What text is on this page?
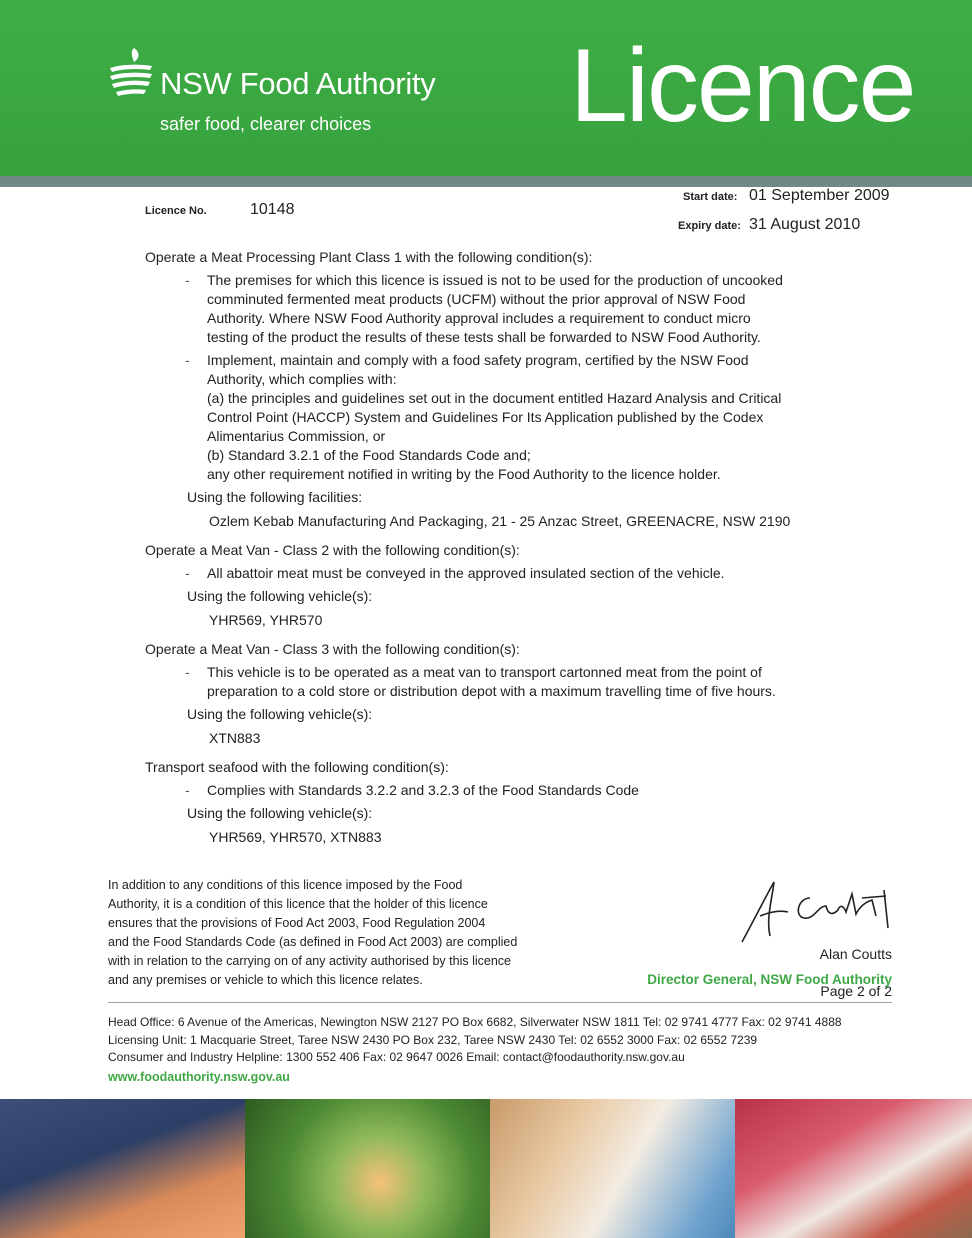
NSW Food Authority
safer food, clearer choices Licence
Licence No.	10148
Start date: 01 September 2009
Expiry date: 31 August 2010
Operate a Meat Processing Plant Class 1 with the following condition(s):
- The premises for which this licence is issued is not to be used for the production of uncooked
comminuted fermented meat products (UCFM) without the prior approval of NSW Food
Authority. Where NSW Food Authority approval includes a requirement to conduct micro
testing of the product the results of these tests shall be forwarded to NSW Food Authority.
- Implement, maintain and comply with a food safety program, certified by the NSW Food
Authority, which complies with:
(a) the principles and guidelines set out in the document entitled Hazard Analysis and Critical
Control Point (HACCP) System and Guidelines For Its Application published by the Codex
Alimentarius Commission, or
(b) Standard 3.2.1 of the Food Standards Code and;
any other requirement notified in writing by the Food Authority to the licence holder.
Using the following facilities:
Ozlem Kebab Manufacturing And Packaging, 21 - 25 Anzac Street, GREENACRE, NSW 2190
Operate a Meat Van - Class 2 with the following condition(s):
- All abattoir meat must be conveyed in the approved insulated section of the vehicle.
Using the following vehicle(s):
YHR569, YHR570
Operate a Meat Van - Class 3 with the following condition(s):
- This vehicle is to be operated as a meat van to transport cartonned meat from the point of
preparation to a cold store or distribution depot with a maximum travelling time of five hours.
Using the following vehicle(s):
XTN883
Transport seafood with the following condition(s):
- Complies with Standards 3.2.2 and 3.2.3 of the Food Standards Code
Using the following vehicle(s):
YHR569, YHR570, XTN883
In addition to any conditions of this licence imposed by the Food
Authority, it is a condition of this licence that the holder of this licence
ensures that the provisions of Food Act 2003, Food Regulation 2004
and the Food Standards Code (as defined in Food Act 2003) are complied
with in relation to the carrying on of any activity authorised by this licence
and any premises or vehicle to which this licence relates.
Alan Coutts
Page 2 of 2
Director General, NSW Food Authority
Head Office: 6 Avenue of the Americas, Newington NSW 2127 PO Box 6682, Silverwater NSW 1811 Tel: 02 9741 4777 Fax: 02 9741 4888
Licensing Unit: 1 Macquarie Street, Taree NSW 2430 PO Box 232, Taree NSW 2430 Tel: 02 6552 3000 Fax: 02 6552 7239
Consumer and Industry Helpline: 1300 552 406 Fax: 02 9647 0026 Email: contact@foodauthority.nsw.gov.au
www.foodauthority.nsw.gov.au
